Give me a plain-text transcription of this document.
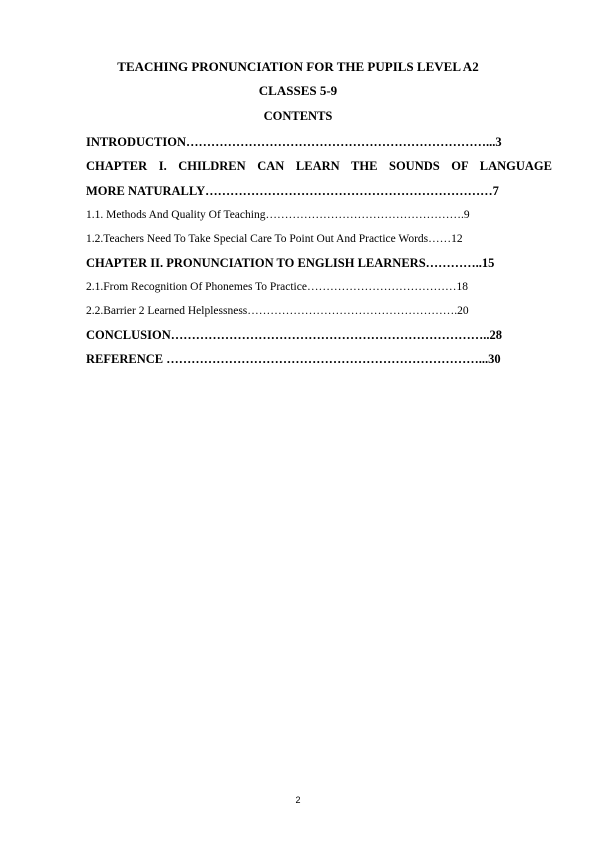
TEACHING PRONUNCIATION FOR THE PUPILS LEVEL A2
CLASSES 5-9
CONTENTS
INTRODUCTION………………………………………………………………...3
CHAPTER I. CHILDREN CAN LEARN THE SOUNDS OF LANGUAGE
MORE NATURALLY……………………………………………………………7
1.1. Methods And Quality Of Teaching…………………………………………….9
1.2.Teachers Need To Take Special Care To Point Out And Practice Words……12
CHAPTER II. PRONUNCIATION TO ENGLISH LEARNERS…………..15
2.1.From Recognition Of Phonemes To Practice…………………………………18
2.2.Barrier 2 Learned Helplessness……………………………………………….20
CONCLUSION…………………………………………………………………..28
REFERENCE …………………………………………………………………...30
2
